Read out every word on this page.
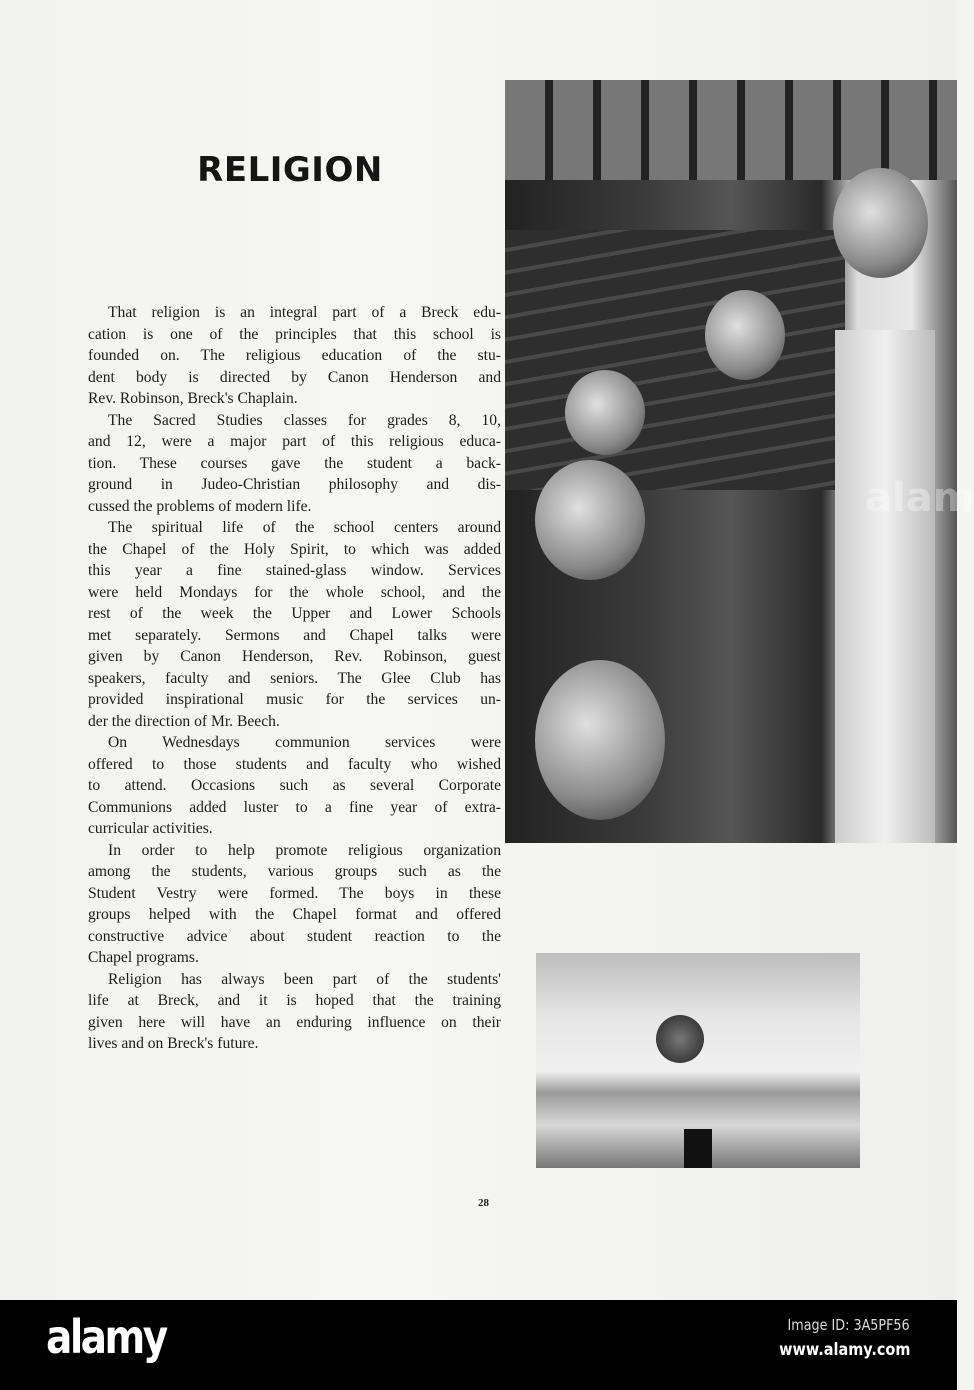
RELIGION
That religion is an integral part of a Breck edu-
cation is one of the principles that this school is
founded on. The religious education of the stu-
dent body is directed by Canon Henderson and
Rev. Robinson, Breck's Chaplain.
The Sacred Studies classes for grades 8, 10,
and 12, were a major part of this religious educa-
tion. These courses gave the student a back-
ground in Judeo-Christian philosophy and dis-
cussed the problems of modern life.
The spiritual life of the school centers around
the Chapel of the Holy Spirit, to which was added
this year a fine stained-glass window. Services
were held Mondays for the whole school, and the
rest of the week the Upper and Lower Schools
met separately. Sermons and Chapel talks were
given by Canon Henderson, Rev. Robinson, guest
speakers, faculty and seniors. The Glee Club has
provided inspirational music for the services un-
der the direction of Mr. Beech.
On Wednesdays communion services were
offered to those students and faculty who wished
to attend. Occasions such as several Corporate
Communions added luster to a fine year of extra-
curricular activities.
In order to help promote religious organization
among the students, various groups such as the
Student Vestry were formed. The boys in these
groups helped with the Chapel format and offered
constructive advice about student reaction to the
Chapel programs.
Religion has always been part of the students'
life at Breck, and it is hoped that the training
given here will have an enduring influence on their
lives and on Breck's future.
alam
28
alamy	Image ID: 3A5PF56
www.alamy.com
